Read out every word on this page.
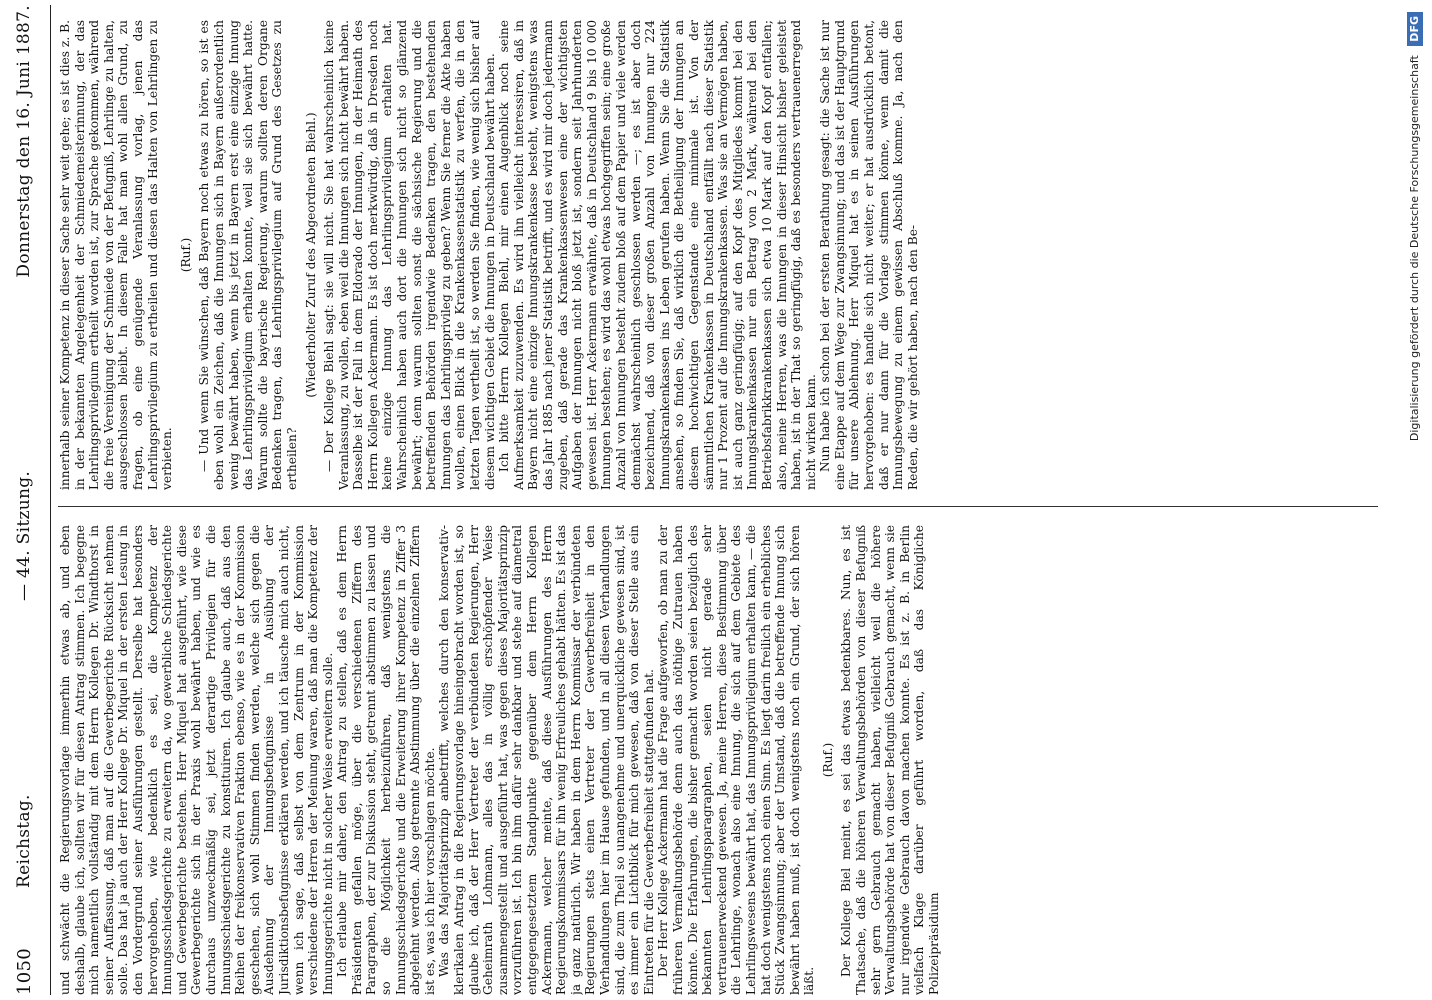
1050
Reichstag.
— 44. Sitzung.
Donnerstag den 16. Juni 1887.

und schwächt die Regierungsvorlage immerhin etwas ab, und eben deshalb, glaube ich, sollten wir für diesen Antrag stimmen. Ich begegne mich namentlich vollständig mit dem Herrn Kollegen Dr. Windthorst in seiner Auffassung, daß man auf die Gewerbegerichte Rücksicht nehmen solle. Das hat ja auch der Herr Kollege Dr. Miquel in der ersten Lesung in den Vordergrund seiner Ausführungen gestellt. Derselbe hat besonders hervorgehoben, wie bedenklich es sei, die Kompetenz der Innungsschiedsgerichte zu erweitern da, wo gewerbliche Schiedsgerichte und Gewerbegerichte bestehen. Herr Miquel hat ausgeführt, wie diese Gewerbegerichte sich in der Praxis wohl bewährt haben, und wie es durchaus unzweckmäßig sei, jetzt derartige Privilegien für die Innungsschiedsgerichte zu konstituiren. Ich glaube auch, daß aus den Reihen der freikonservativen Fraktion ebenso, wie es in der Kommission geschehen, sich wohl Stimmen finden werden, welche sich gegen die Ausdehnung der Innungsbefugnisse in Ausübung der Jurisdiktionsbefugnisse erklären werden, und ich täusche mich auch nicht, wenn ich sage, daß selbst von dem Zentrum in der Kommission verschiedene der Herren der Meinung waren, daß man die Kompetenz der Innungsgerichte nicht in solcher Weise erweitern solle. Ich erlaube mir daher, den Antrag zu stellen, daß es dem Herrn Präsidenten gefallen möge, über die verschiedenen Ziffern des Paragraphen, der zur Diskussion steht, getrennt abstimmen zu lassen und so die Möglichkeit herbeizuführen, daß wenigstens die Innungsschiedsgerichte und die Erweiterung ihrer Kompetenz in Ziffer 3 abgelehnt werden. Also getrennte Abstimmung über die einzelnen Ziffern ist es, was ich hier vorschlagen möchte. Was das Majoritätsprinzip anbetrifft, welches durch den konservativ-klerikalen Antrag in die Regierungsvorlage hineingebracht worden ist, so glaube ich, daß der Herr Vertreter der verbündeten Regierungen, Herr Geheimrath Lohmann, alles das in völlig erschöpfender Weise zusammengestellt und ausgeführt hat, was gegen dieses Majoritätsprinzip vorzuführen ist. Ich bin ihm dafür sehr dankbar und stehe auf diametral entgegengesetztem Standpunkte gegenüber dem Herrn Kollegen Ackermann, welcher meinte, daß diese Ausführungen des Herrn Regierungskommissars für ihn wenig Erfreuliches gehabt hätten. Es ist das ja ganz natürlich. Wir haben in dem Herrn Kommissar der verbündeten Regierungen stets einen Vertreter der Gewerbefreiheit in den Verhandlungen hier im Hause gefunden, und in all diesen Verhandlungen sind, die zum Theil so unangenehme und unerquickliche gewesen sind, ist es immer ein Lichtblick für mich gewesen, daß von dieser Stelle aus ein Eintreten für die Gewerbefreiheit stattgefunden hat. Der Herr Kollege Ackermann hat die Frage aufgeworfen, ob man zu der früheren Vermaltungsbehörde denn auch das nöthige Zutrauen haben könnte. Die Erfahrungen, die bisher gemacht worden seien bezüglich des bekannten Lehrlingsparagraphen, seien nicht gerade sehr vertrauenerweckend gewesen. Ja, meine Herren, diese Bestimmung über die Lehrlinge, wonach also eine Innung, die sich auf dem Gebiete des Lehrlingswesens bewährt hat, das Innungsprivilegium erhalten kann, — die hat doch wenigstens noch einen Sinn. Es liegt darin freilich ein erhebliches Stück Zwangsinnung; aber der Umstand, daß die betreffende Innung sich bewährt haben muß, ist doch wenigstens noch ein Grund, der sich hören läßt.

(Ruf.) Der Kollege Biel meint, es sei das etwas bedenkbares. Nun, es ist Thatsache, daß die höheren Verwaltungsbehörden von dieser Befugniß sehr gern Gebrauch gemacht haben, vielleicht weil die höhere Verwaltungsbehörde hat von dieser Befugniß Gebrauch gemacht, wenn sie nur irgendwie Gebrauch davon machen konnte. Es ist z. B. in Berlin vielfach Klage darüber geführt worden, daß das Königliche Polizeipräsidium

innerhalb seiner Kompetenz in dieser Sache sehr weit gehe; es ist dies z. B. in der bekannten Angelegenheit der Schmiedemeisterinnung, der das Lehrlingsprivilegium ertheilt worden ist, zur Sprache gekommen, während die freie Vereinigung der Schmiede von der Befugniß, Lehrlinge zu halten, ausgeschlossen bleibt. In diesem Falle hat man wohl allen Grund, zu fragen, ob eine genügende Veranlassung vorlag, jenen das Lehrlingsprivilegium zu ertheilen und diesen das Halten von Lehrlingen zu verbieten.

(Ruf.) — Und wenn Sie wünschen, daß Bayern noch etwas zu hören, so ist es eben wohl ein Zeichen, daß die Innungen sich in Bayern außerordentlich wenig bewährt haben, wenn bis jetzt in Bayern erst eine einzige Innung das Lehrlingsprivilegium erhalten konnte, weil sie sich bewährt hatte. Warum sollte die bayerische Regierung, warum sollten deren Organe Bedenken tragen, das Lehrlingsprivilegium auf Grund des Gesetzes zu ertheilen?

(Wiederholter Zuruf des Abgeordneten Biehl.) — Der Kollege Biehl sagt: sie will nicht. Sie hat wahrscheinlich keine Veranlassung, zu wollen, eben weil die Innungen sich nicht bewährt haben. Dasselbe ist der Fall in dem Eldorado der Innungen, in der Heimath des Herrn Kollegen Ackermann. Es ist doch merkwürdig, daß in Dresden noch keine einzige Innung das Lehrlingsprivilegium erhalten hat. Wahrscheinlich haben auch dort die Innungen sich nicht so glänzend bewährt; denn warum sollten sonst die sächsische Regierung und die betreffenden Behörden irgendwie Bedenken tragen, den bestehenden Innungen das Lehrlingsprivileg zu geben? Wenn Sie ferner die Akte haben wollen, einen Blick in die Krankenkassenstatistik zu werfen, die in den letzten Tagen vertheilt ist, so werden Sie finden, wie wenig sich bisher auf diesem wichtigen Gebiet die Innungen in Deutschland bewährt haben. Ich bitte Herrn Kollegen Biehl, mir einen Augenblick noch seine Aufmerksamkeit zuzuwenden. Es wird ihn vielleicht interessiren, daß in Bayern nicht eine einzige Innungskrankenkasse besteht, wenigstens was das Jahr 1885 nach jener Statistik betrifft, und es wird mir doch jedermann zugeben, daß gerade das Krankenkassenwesen eine der wichtigsten Aufgaben der Innungen nicht bloß jetzt ist, sondern seit Jahrhunderten gewesen ist. Herr Ackermann erwähnte, daß in Deutschland 9 bis 10 000 Innungen bestehen; es wird das wohl etwas hochgegriffen sein; eine große Anzahl von Innungen besteht zudem bloß auf dem Papier und viele werden demnächst wahrscheinlich geschlossen werden —; es ist aber doch bezeichnend, daß von dieser großen Anzahl von Innungen nur 224 Innungskrankenkassen ins Leben gerufen haben. Wenn Sie die Statistik ansehen, so finden Sie, daß wirklich die Betheiligung der Innungen an diesem hochwichtigen Gegenstande eine minimale ist. Von der sämmtlichen Krankenkassen in Deutschland entfällt nach dieser Statistik nur 1 Prozent auf die Innungskrankenkassen. Was sie an Vermögen haben, ist auch ganz geringfügig; auf den Kopf des Mitgliedes kommt bei den Innungskrankenkassen nur ein Betrag von 2 Mark, während bei den Betriebsfabrikkrankenkassen sich etwa 10 Mark auf den Kopf entfallen; also, meine Herren, was die Innungen in dieser Hinsicht bisher geleistet haben, ist in der That so geringfügig, daß es besonders vertrauenerregend nicht wirken kann. Nun habe ich schon bei der ersten Berathung gesagt: die Sache ist nur eine Etappe auf dem Wege zur Zwangsinnung; und das ist der Hauptgrund für unsere Ablehnung. Herr Miquel hat es in seinen Ausführungen hervorgehoben: es handle sich nicht weiter; er hat ausdrücklich betont, daß er nur dann für die Vorlage stimmen könne, wenn damit die Innungsbewegung zu einem gewissen Abschluß komme. Ja, nach den Reden, die wir gehört haben, nach den Be-	Digitalisierung gefördert durch die Deutsche Forschungsgemeinschaft DFG
